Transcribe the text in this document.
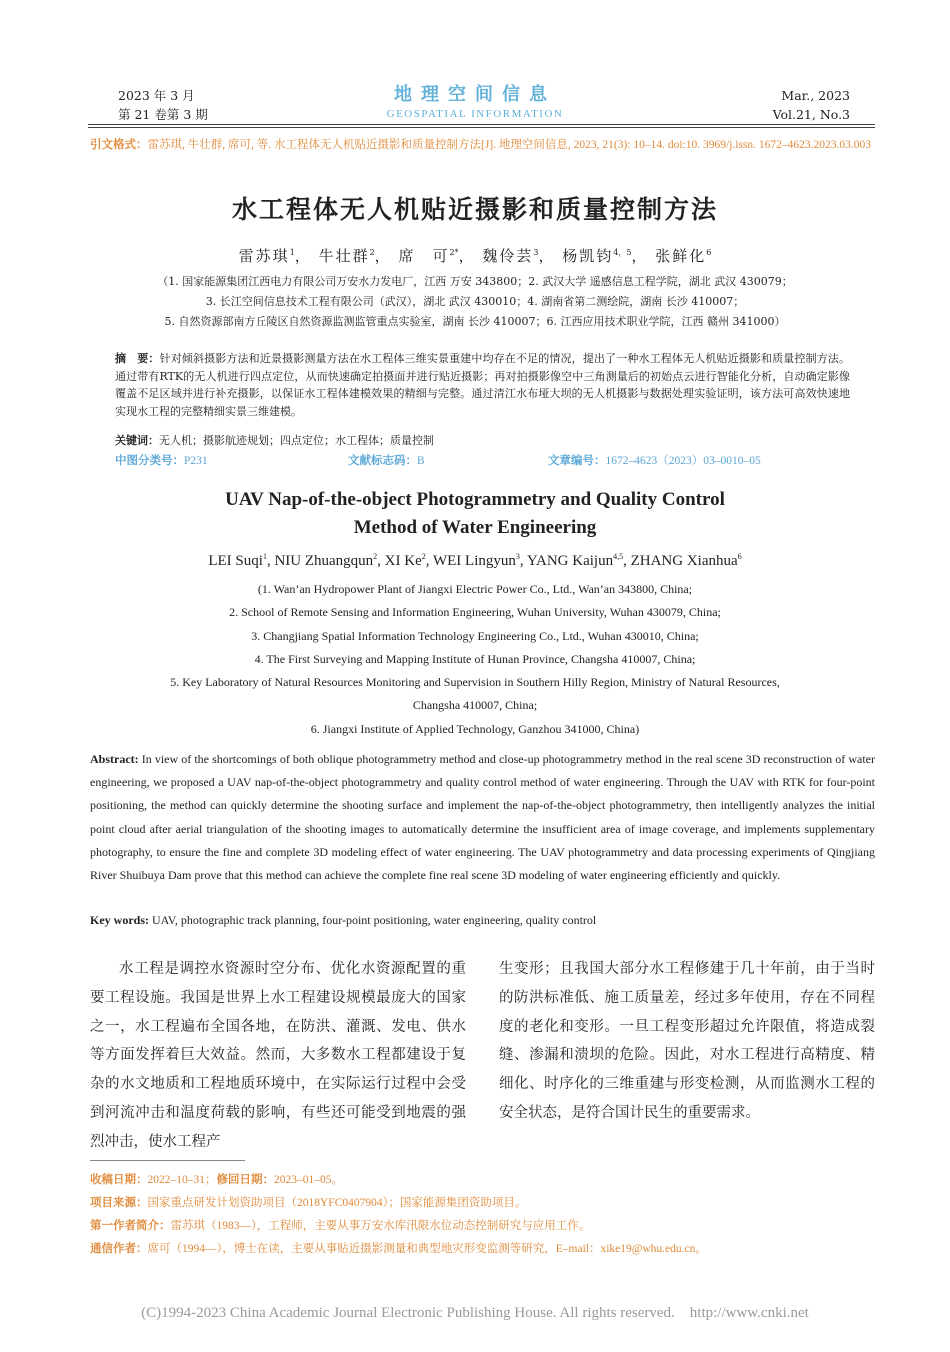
2023 年 3 月
第 21 卷第 3 期
地理空间信息
GEOSPATIAL INFORMATION
Mar., 2023
Vol.21, No.3
引文格式：雷苏琪, 牛壮群, 席可, 等. 水工程体无人机贴近摄影和质量控制方法[J]. 地理空间信息, 2023, 21(3): 10–14. doi:10. 3969/j.issn. 1672–4623.2023.03.003
水工程体无人机贴近摄影和质量控制方法
雷苏琪$^1$， 牛壮群$^2$， 席　可$^{2*}$， 魏伶芸$^3$， 杨凯钧$^{4,5}$， 张鲜化$^6$
（1. 国家能源集团江西电力有限公司万安水力发电厂，江西 万安 343800；2. 武汉大学 遥感信息工程学院，湖北 武汉 430079；
3. 长江空间信息技术工程有限公司（武汉），湖北 武汉 430010；4. 湖南省第二测绘院，湖南 长沙 410007；
5. 自然资源部南方丘陵区自然资源监测监管重点实验室，湖南 长沙 410007；6. 江西应用技术职业学院，江西 赣州 341000）
摘　要：针对倾斜摄影方法和近景摄影测量方法在水工程体三维实景重建中均存在不足的情况，提出了一种水工程体无人机贴近摄影和质量控制方法。通过带有RTK的无人机进行四点定位，从而快速确定拍摄面并进行贴近摄影；再对拍摄影像空中三角测量后的初始点云进行智能化分析，自动确定影像覆盖不足区域并进行补充摄影，以保证水工程体建模效果的精细与完整。通过清江水布垭大坝的无人机摄影与数据处理实验证明，该方法可高效快速地实现水工程的完整精细实景三维建模。
关键词：无人机；摄影航迹规划；四点定位；水工程体；质量控制
中图分类号：P231	文献标志码：B	文章编号：1672–4623（2023）03–0010–05
UAV Nap-of-the-object Photogrammetry and Quality Control
Method of Water Engineering
LEI Suqi$^1$, NIU Zhuangqun$^2$, XI Ke$^2$, WEI Lingyun$^3$, YANG Kaijun$^{4,5}$, ZHANG Xianhua$^6$
(1. Wan’an Hydropower Plant of Jiangxi Electric Power Co., Ltd., Wan’an 343800, China;
2. School of Remote Sensing and Information Engineering, Wuhan University, Wuhan 430079, China;
3. Changjiang Spatial Information Technology Engineering Co., Ltd., Wuhan 430010, China;
4. The First Surveying and Mapping Institute of Hunan Province, Changsha 410007, China;
5. Key Laboratory of Natural Resources Monitoring and Supervision in Southern Hilly Region, Ministry of Natural Resources,
Changsha 410007, China;
6. Jiangxi Institute of Applied Technology, Ganzhou 341000, China)
Abstract: In view of the shortcomings of both oblique photogrammetry method and close-up photogrammetry method in the real scene 3D reconstruction of water engineering, we proposed a UAV nap-of-the-object photogrammetry and quality control method of water engineering. Through the UAV with RTK for four-point positioning, the method can quickly determine the shooting surface and implement the nap-of-the-object photogrammetry, then intelligently analyzes the initial point cloud after aerial triangulation of the shooting images to automatically determine the insufficient area of image coverage, and implements supplementary photography, to ensure the fine and complete 3D modeling effect of water engineering. The UAV photogrammetry and data processing experiments of Qingjiang River Shuibuya Dam prove that this method can achieve the complete fine real scene 3D modeling of water engineering efficiently and quickly.
Key words: UAV, photographic track planning, four-point positioning, water engineering, quality control
水工程是调控水资源时空分布、优化水资源配置的重要工程设施。我国是世界上水工程建设规模最庞大的国家之一，水工程遍布全国各地，在防洪、灌溉、发电、供水等方面发挥着巨大效益。然而，大多数水工程都建设于复杂的水文地质和工程地质环境中，在实际运行过程中会受到河流冲击和温度荷载的影响，有些还可能受到地震的强烈冲击，使水工程产
生变形；且我国大部分水工程修建于几十年前，由于当时的防洪标准低、施工质量差，经过多年使用，存在不同程度的老化和变形。一旦工程变形超过允许限值，将造成裂缝、渗漏和溃坝的危险。因此，对水工程进行高精度、精细化、时序化的三维重建与形变检测，从而监测水工程的安全状态，是符合国计民生的重要需求。
收稿日期：2022–10–31；修回日期：2023–01–05。
项目来源：国家重点研发计划资助项目（2018YFC0407904）；国家能源集团资助项目。
第一作者简介：雷苏琪（1983—），工程师，主要从事万安水库汛限水位动态控制研究与应用工作。
通信作者：席可（1994—），博士在读，主要从事贴近摄影测量和典型地灾形变监测等研究，E–mail：xike19@whu.edu.cn。
(C)1994-2023 China Academic Journal Electronic Publishing House. All rights reserved.    http://www.cnki.net
